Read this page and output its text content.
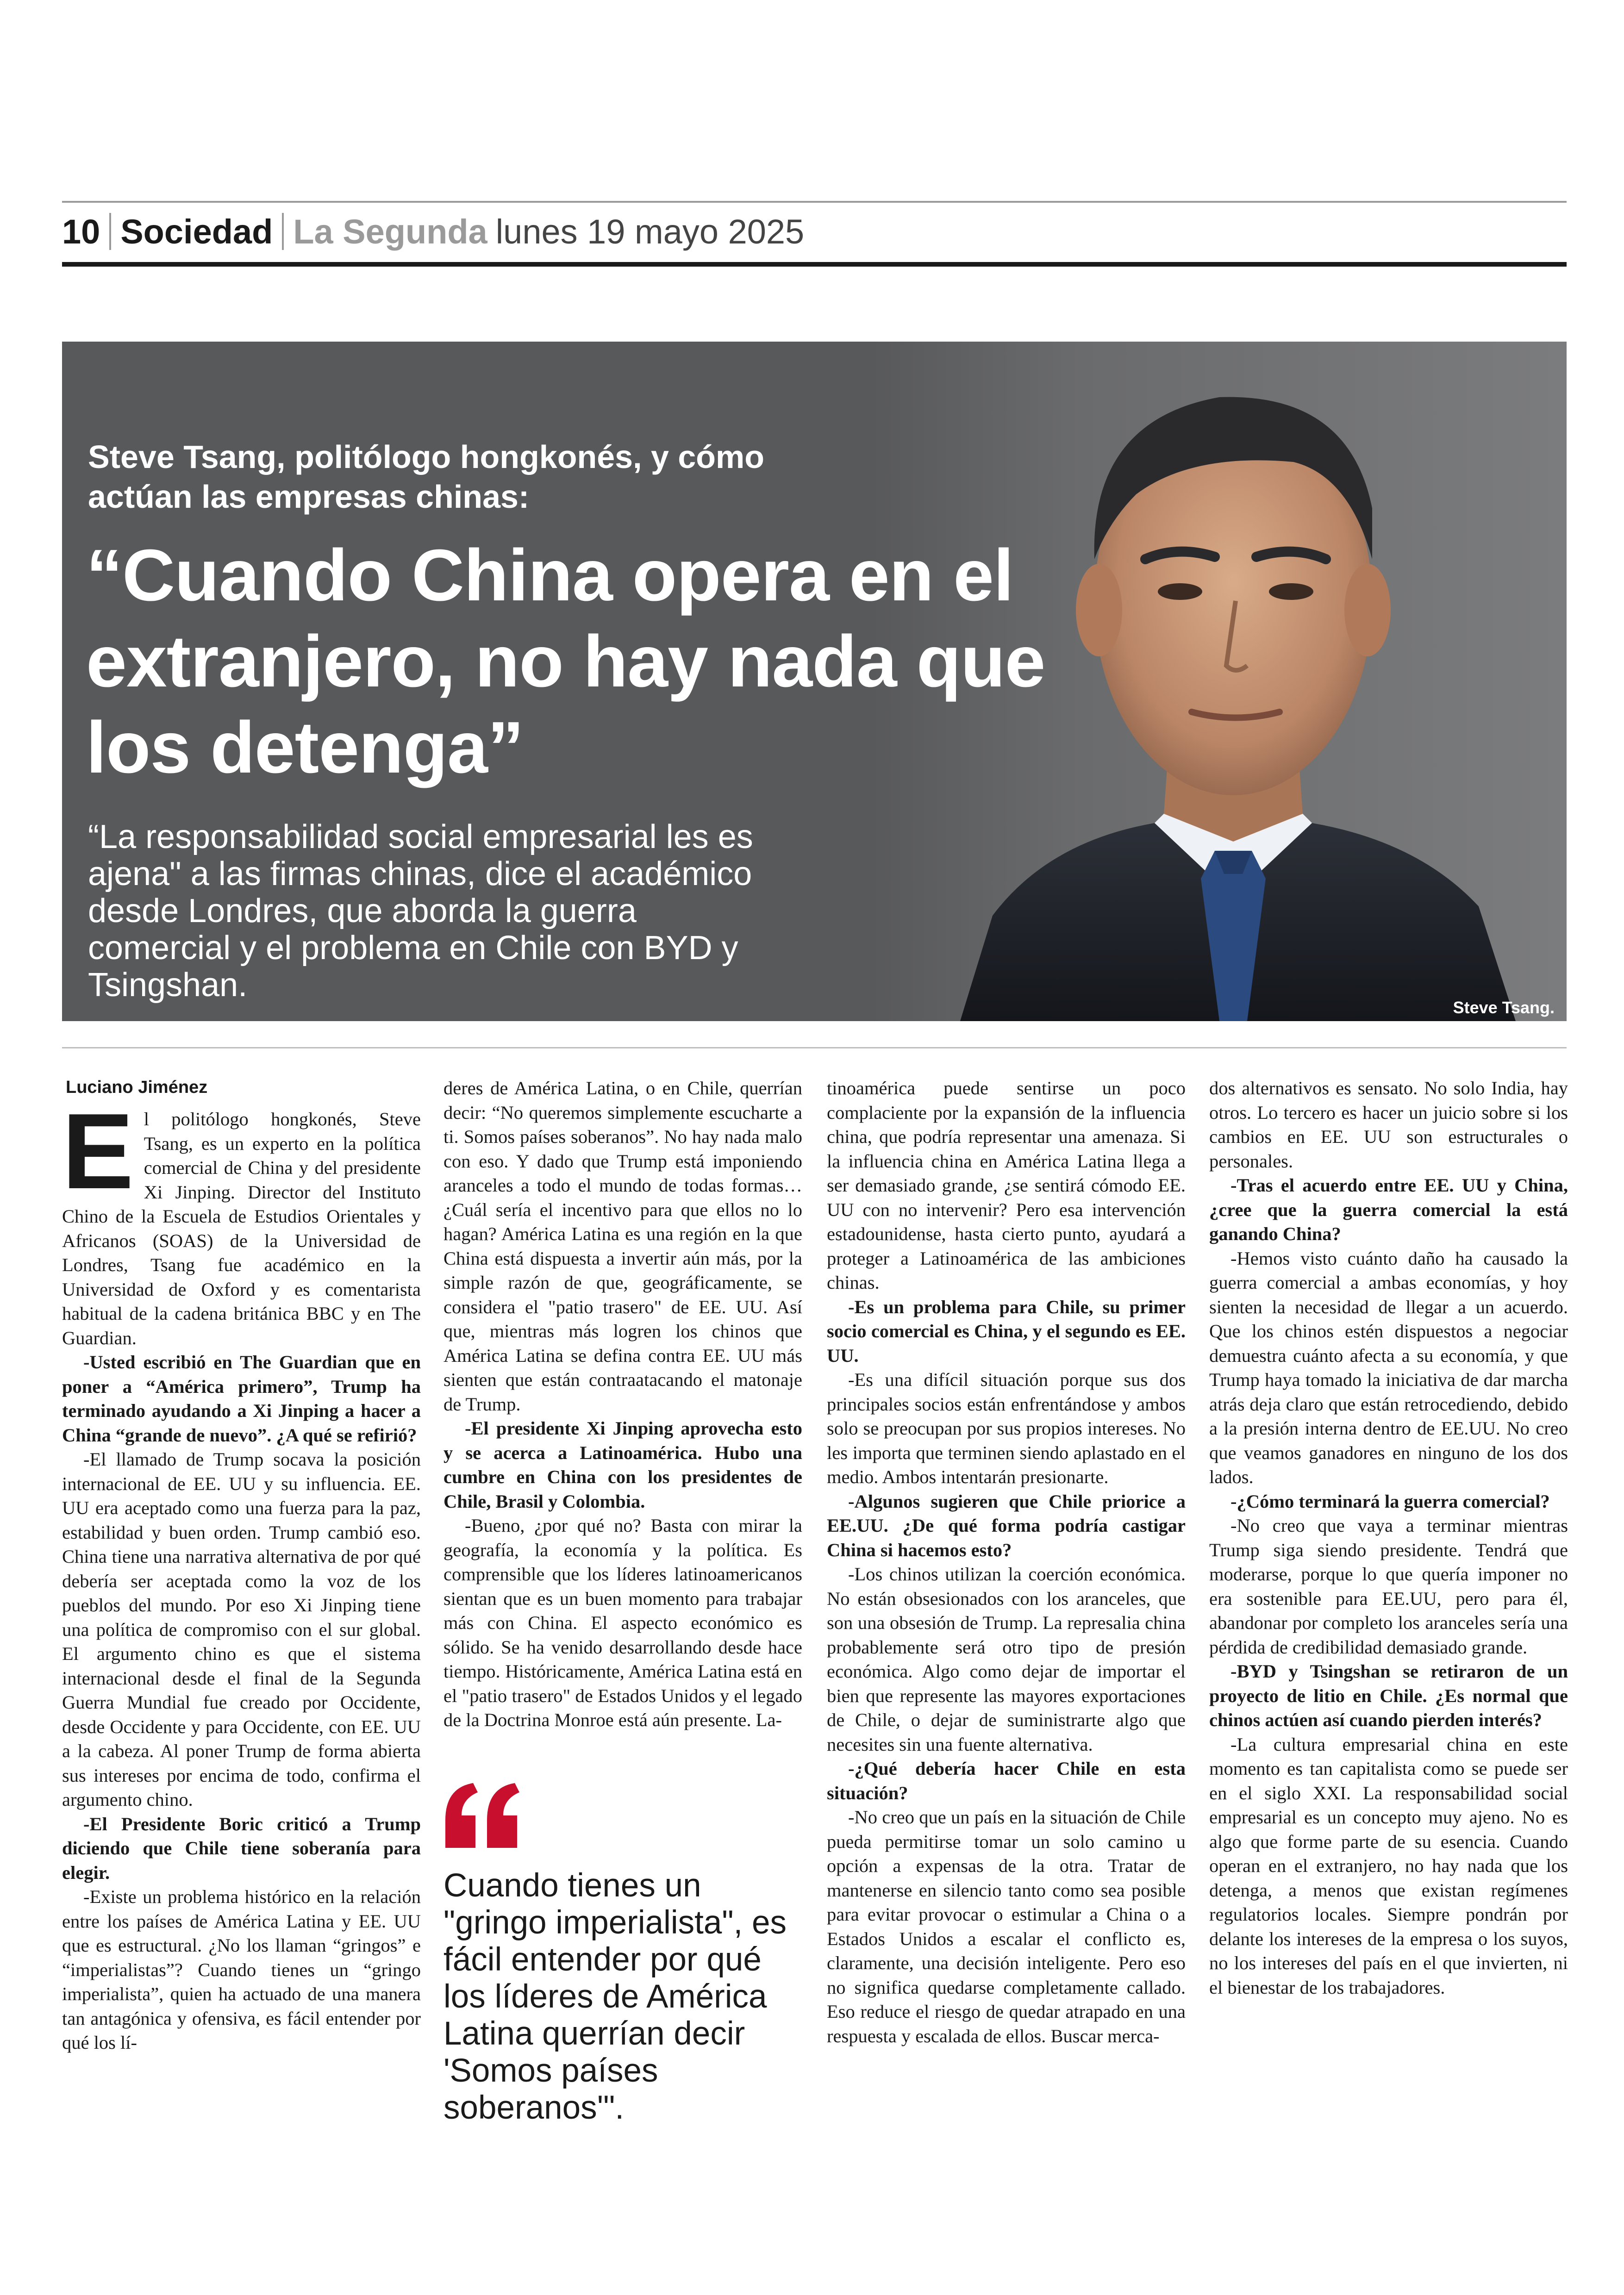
10 Sociedad La Segunda lunes 19 mayo 2025
Steve Tsang, politólogo hongkonés, y cómo actúan las empresas chinas:
“Cuando China opera en el extranjero, no hay nada que los detenga”
“La responsabilidad social empresarial les es ajena" a las firmas chinas, dice el académico desde Londres, que aborda la guerra comercial y el problema en Chile con BYD y Tsingshan.
Steve Tsang.
Luciano Jiménez
E l politólogo hongkonés, Steve Tsang, es un experto en la política comercial de China y del presidente Xi Jinping. Director del Instituto Chino de la Escuela de Estudios Orientales y Africanos (SOAS) de la Universidad de Londres, Tsang fue académico en la Universidad de Oxford y es comentarista habitual de la cadena británica BBC y en The Guardian.

-Usted escribió en The Guardian que en poner a “América primero”, Trump ha terminado ayudando a Xi Jinping a hacer a China “grande de nuevo”. ¿A qué se refirió?

-El llamado de Trump socava la posición internacional de EE. UU y su influencia. EE. UU era aceptado como una fuerza para la paz, estabilidad y buen orden. Trump cambió eso. China tiene una narrativa alternativa de por qué debería ser aceptada como la voz de los pueblos del mundo. Por eso Xi Jinping tiene una política de compromiso con el sur global. El argumento chino es que el sistema internacional desde el final de la Segunda Guerra Mundial fue creado por Occidente, desde Occidente y para Occidente, con EE. UU a la cabeza. Al poner Trump de forma abierta sus intereses por encima de todo, confirma el argumento chino.

-El Presidente Boric criticó a Trump diciendo que Chile tiene soberanía para elegir.

-Existe un problema histórico en la relación entre los países de América Latina y EE. UU que es estructural. ¿No los llaman “gringos” e “imperialistas”? Cuando tienes un “gringo imperialista”, quien ha actuado de una manera tan antagónica y ofensiva, es fácil entender por qué los lí-

deres de América Latina, o en Chile, querrían decir: “No queremos simplemente escucharte a ti. Somos países soberanos”. No hay nada malo con eso. Y dado que Trump está imponiendo aranceles a todo el mundo de todas formas… ¿Cuál sería el incentivo para que ellos no lo hagan? América Latina es una región en la que China está dispuesta a invertir aún más, por la simple razón de que, geográficamente, se considera el "patio trasero" de EE. UU. Así que, mientras más logren los chinos que América Latina se defina contra EE. UU más sienten que están contraatacando el matonaje de Trump.

-El presidente Xi Jinping aprovecha esto y se acerca a Latinoamérica. Hubo una cumbre en China con los presidentes de Chile, Brasil y Colombia.

-Bueno, ¿por qué no? Basta con mirar la geografía, la economía y la política. Es comprensible que los líderes latinoamericanos sientan que es un buen momento para trabajar más con China. El aspecto económico es sólido. Se ha venido desarrollando desde hace tiempo. Históricamente, América Latina está en el "patio trasero" de Estados Unidos y el legado de la Doctrina Monroe está aún presente. La-

Cuando tienes un "gringo imperialista", es fácil entender por qué los líderes de América Latina querrían decir 'Somos países soberanos'".

tinoamérica puede sentirse un poco complaciente por la expansión de la influencia china, que podría representar una amenaza. Si la influencia china en América Latina llega a ser demasiado grande, ¿se sentirá cómodo EE. UU con no intervenir? Pero esa intervención estadounidense, hasta cierto punto, ayudará a proteger a Latinoamérica de las ambiciones chinas.

-Es un problema para Chile, su primer socio comercial es China, y el segundo es EE. UU.

-Es una difícil situación porque sus dos principales socios están enfrentándose y ambos solo se preocupan por sus propios intereses. No les importa que terminen siendo aplastado en el medio. Ambos intentarán presionarte.

-Algunos sugieren que Chile priorice a EE.UU. ¿De qué forma podría castigar China si hacemos esto?

-Los chinos utilizan la coerción económica. No están obsesionados con los aranceles, que son una obsesión de Trump. La represalia china probablemente será otro tipo de presión económica. Algo como dejar de importar el bien que represente las mayores exportaciones de Chile, o dejar de suministrarte algo que necesites sin una fuente alternativa.

-¿Qué debería hacer Chile en esta situación?

-No creo que un país en la situación de Chile pueda permitirse tomar un solo camino u opción a expensas de la otra. Tratar de mantenerse en silencio tanto como sea posible para evitar provocar o estimular a China o a Estados Unidos a escalar el conflicto es, claramente, una decisión inteligente. Pero eso no significa quedarse completamente callado. Eso reduce el riesgo de quedar atrapado en una respuesta y escalada de ellos. Buscar merca-

dos alternativos es sensato. No solo India, hay otros. Lo tercero es hacer un juicio sobre si los cambios en EE. UU son estructurales o personales.

-Tras el acuerdo entre EE. UU y China, ¿cree que la guerra comercial la está ganando China?

-Hemos visto cuánto daño ha causado la guerra comercial a ambas economías, y hoy sienten la necesidad de llegar a un acuerdo. Que los chinos estén dispuestos a negociar demuestra cuánto afecta a su economía, y que Trump haya tomado la iniciativa de dar marcha atrás deja claro que están retrocediendo, debido a la presión interna dentro de EE.UU. No creo que veamos ganadores en ninguno de los dos lados.

-¿Cómo terminará la guerra comercial?

-No creo que vaya a terminar mientras Trump siga siendo presidente. Tendrá que moderarse, porque lo que quería imponer no era sostenible para EE.UU, pero para él, abandonar por completo los aranceles sería una pérdida de credibilidad demasiado grande.

-BYD y Tsingshan se retiraron de un proyecto de litio en Chile. ¿Es normal que chinos actúen así cuando pierden interés?

-La cultura empresarial china en este momento es tan capitalista como se puede ser en el siglo XXI. La responsabilidad social empresarial es un concepto muy ajeno. No es algo que forme parte de su esencia. Cuando operan en el extranjero, no hay nada que los detenga, a menos que existan regímenes regulatorios locales. Siempre pondrán por delante los intereses de la empresa o los suyos, no los intereses del país en el que invierten, ni el bienestar de los trabajadores.
